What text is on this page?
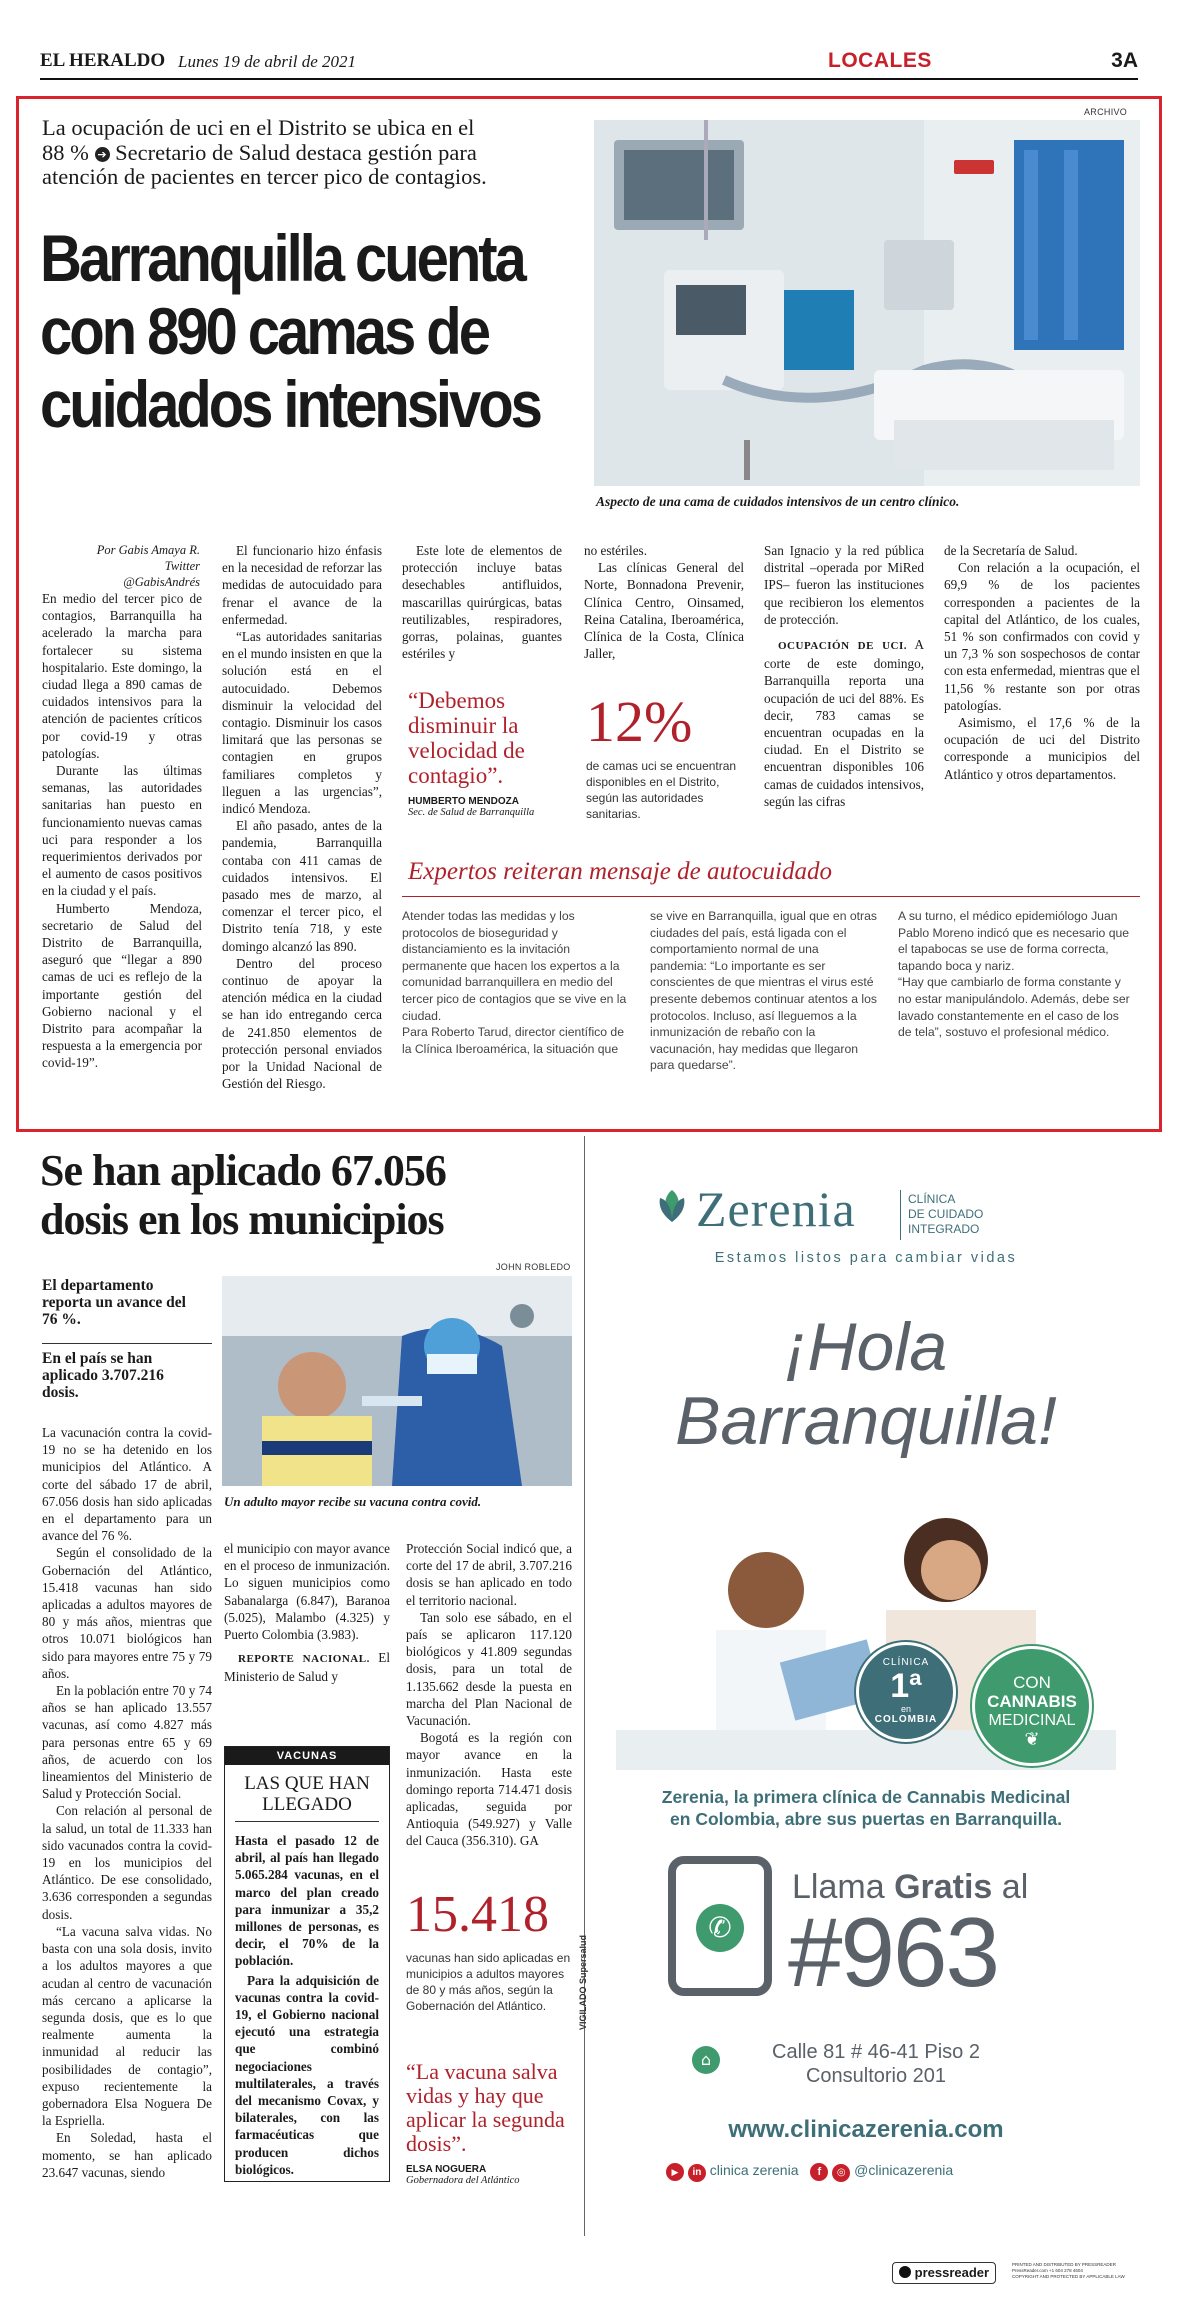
EL HERALDO Lunes 19 de abril de 2021	LOCALES	3A
La ocupación de uci en el Distrito se ubica en el
88 % ➔ Secretario de Salud destaca gestión para
atención de pacientes en tercer pico de contagios.
Barranquilla cuenta
con 890 camas de
cuidados intensivos
ARCHIVO
Aspecto de una cama de cuidados intensivos de un centro clínico.
Por Gabis Amaya R.
Twitter @GabisAndrés

En medio del tercer pico de contagios, Barranquilla ha acelerado la marcha para fortalecer su sistema hospitalario. Este domingo, la ciudad llega a 890 camas de cuidados intensivos para la atención de pacientes críticos por covid-19 y otras patologías.

Durante las últimas semanas, las autoridades sanitarias han puesto en funcionamiento nuevas camas uci para responder a los requerimientos derivados por el aumento de casos positivos en la ciudad y el país.

Humberto Mendoza, secretario de Salud del Distrito de Barranquilla, aseguró que “llegar a 890 camas de uci es reflejo de la importante gestión del Gobierno nacional y el Distrito para acompañar la respuesta a la emergencia por covid-19”.

El funcionario hizo énfasis en la necesidad de reforzar las medidas de autocuidado para frenar el avance de la enfermedad.

“Las autoridades sanitarias en el mundo insisten en que la solución está en el autocuidado. Debemos disminuir la velocidad del contagio. Disminuir los casos limitará que las personas se contagien en grupos familiares completos y lleguen a las urgencias”, indicó Mendoza.

El año pasado, antes de la pandemia, Barranquilla contaba con 411 camas de cuidados intensivos. El pasado mes de marzo, al comenzar el tercer pico, el Distrito tenía 718, y este domingo alcanzó las 890.

Dentro del proceso continuo de apoyar la atención médica en la ciudad se han ido entregando cerca de 241.850 elementos de protección personal enviados por la Unidad Nacional de Gestión del Riesgo.

Este lote de elementos de protección incluye batas desechables antifluidos, mascarillas quirúrgicas, batas reutilizables, respiradores, gorras, polainas, guantes estériles y

no estériles.

Las clínicas General del Norte, Bonnadona Prevenir, Clínica Centro, Oinsamed, Reina Catalina, Iberoamérica, Clínica de la Costa, Clínica Jaller,

San Ignacio y la red pública distrital –operada por MiRed IPS– fueron las instituciones que recibieron los elementos de protección.

OCUPACIÓN DE UCI. A corte de este domingo, Barranquilla reporta una ocupación de uci del 88%. Es decir, 783 camas se encuentran ocupadas en la ciudad. En el Distrito se encuentran disponibles 106 camas de cuidados intensivos, según las cifras

de la Secretaría de Salud.

Con relación a la ocupación, el 69,9 % de los pacientes corresponden a pacientes de la capital del Atlántico, de los cuales, 51 % son confirmados con covid y un 7,3 % son sospechosos de contar con esta enfermedad, mientras que el 11,56 % restante son por otras patologías.

Asimismo, el 17,6 % de la ocupación de uci del Distrito corresponde a municipios del Atlántico y otros departamentos.

“Debemos disminuir la velocidad de contagio”.
HUMBERTO MENDOZA
Sec. de Salud de Barranquilla
12%
de camas uci se encuentran disponibles en el Distrito, según las autoridades sanitarias.
Expertos reiteran mensaje de autocuidado
Atender todas las medidas y los protocolos de bioseguridad y distanciamiento es la invitación permanente que hacen los expertos a la comunidad barranquillera en medio del tercer pico de contagios que se vive en la ciudad.
Para Roberto Tarud, director científico de la Clínica Iberoamérica, la situación que
se vive en Barranquilla, igual que en otras ciudades del país, está ligada con el comportamiento normal de una pandemia: “Lo importante es ser conscientes de que mientras el virus esté presente debemos continuar atentos a los protocolos. Incluso, así lleguemos a la inmunización de rebaño con la vacunación, hay medidas que llegaron para quedarse”.
A su turno, el médico epidemiólogo Juan Pablo Moreno indicó que es necesario que el tapabocas se use de forma correcta, tapando boca y nariz.
“Hay que cambiarlo de forma constante y no estar manipulándolo. Además, debe ser lavado constantemente en el caso de los de tela”, sostuvo el profesional médico.
Se han aplicado 67.056
dosis en los municipios
El departamento reporta un avance del 76 %.
En el país se han aplicado 3.707.216 dosis.
JOHN ROBLEDO
Un adulto mayor recibe su vacuna contra covid.

La vacunación contra la covid-19 no se ha detenido en los municipios del Atlántico. A corte del sábado 17 de abril, 67.056 dosis han sido aplicadas en el departamento para un avance del 76 %.

Según el consolidado de la Gobernación del Atlántico, 15.418 vacunas han sido aplicadas a adultos mayores de 80 y más años, mientras que otros 10.071 biológicos han sido para mayores entre 75 y 79 años.

En la población entre 70 y 74 años se han aplicado 13.557 vacunas, así como 4.827 más para personas entre 65 y 69 años, de acuerdo con los lineamientos del Ministerio de Salud y Protección Social.

Con relación al personal de la salud, un total de 11.333 han sido vacunados contra la covid-19 en los municipios del Atlántico. De ese consolidado, 3.636 corresponden a segundas dosis.

“La vacuna salva vidas. No basta con una sola dosis, invito a los adultos mayores a que acudan al centro de vacunación más cercano a aplicarse la segunda dosis, que es lo que realmente aumenta la inmunidad al reducir las posibilidades de contagio”, expuso recientemente la gobernadora Elsa Noguera De la Espriella.

En Soledad, hasta el momento, se han aplicado 23.647 vacunas, siendo

el municipio con mayor avance en el proceso de inmunización. Lo siguen municipios como Sabanalarga (6.847), Baranoa (5.025), Malambo (4.325) y Puerto Colombia (3.983).

REPORTE NACIONAL. El Ministerio de Salud y

Protección Social indicó que, a corte del 17 de abril, 3.707.216 dosis se han aplicado en todo el territorio nacional.

Tan solo ese sábado, en el país se aplicaron 117.120 biológicos y 41.809 segundas dosis, para un total de 1.135.662 desde la puesta en marcha del Plan Nacional de Vacunación.

Bogotá es la región con mayor avance en la inmunización. Hasta este domingo reporta 714.471 dosis aplicadas, seguida por Antioquia (549.927) y Valle del Cauca (356.310). GA

VACUNAS
LAS QUE HAN LLEGADO
Hasta el pasado 12 de abril, al país han llegado 5.065.284 vacunas, en el marco del plan creado para inmunizar a 35,2 millones de personas, es decir, el 70% de la población.
Para la adquisición de vacunas contra la covid-19, el Gobierno nacional ejecutó una estrategia que combinó negociaciones multilaterales, a través del mecanismo Covax, y bilaterales, con las farmacéuticas que producen dichos biológicos.
15.418
vacunas han sido aplicadas en municipios a adultos mayores de 80 y más años, según la Gobernación del Atlántico.
“La vacuna salva vidas y hay que aplicar la segunda dosis”.
ELSA NOGUERA
Gobernadora del Atlántico
Zerenia	CLÍNICA
DE CUIDADO
INTEGRADO
Estamos listos para cambiar vidas
¡Hola
Barranquilla!
CLÍNICA
1ª
en
COLOMBIA
CON
CANNABIS
MEDICINAL
❦
Zerenia, la primera clínica de Cannabis Medicinal
en Colombia, abre sus puertas en Barranquilla.
✆
Llama Gratis al
#963
⌂	Calle 81 # 46-41 Piso 2
Consultorio 201
www.clinicazerenia.com
▶ in clinica zerenia f ◎ @clinicazerenia
VIGILADO Supersalud
pressreader
PRINTED AND DISTRIBUTED BY PRESSREADER
PressReader.com +1 604 278 4604
COPYRIGHT AND PROTECTED BY APPLICABLE LAW
